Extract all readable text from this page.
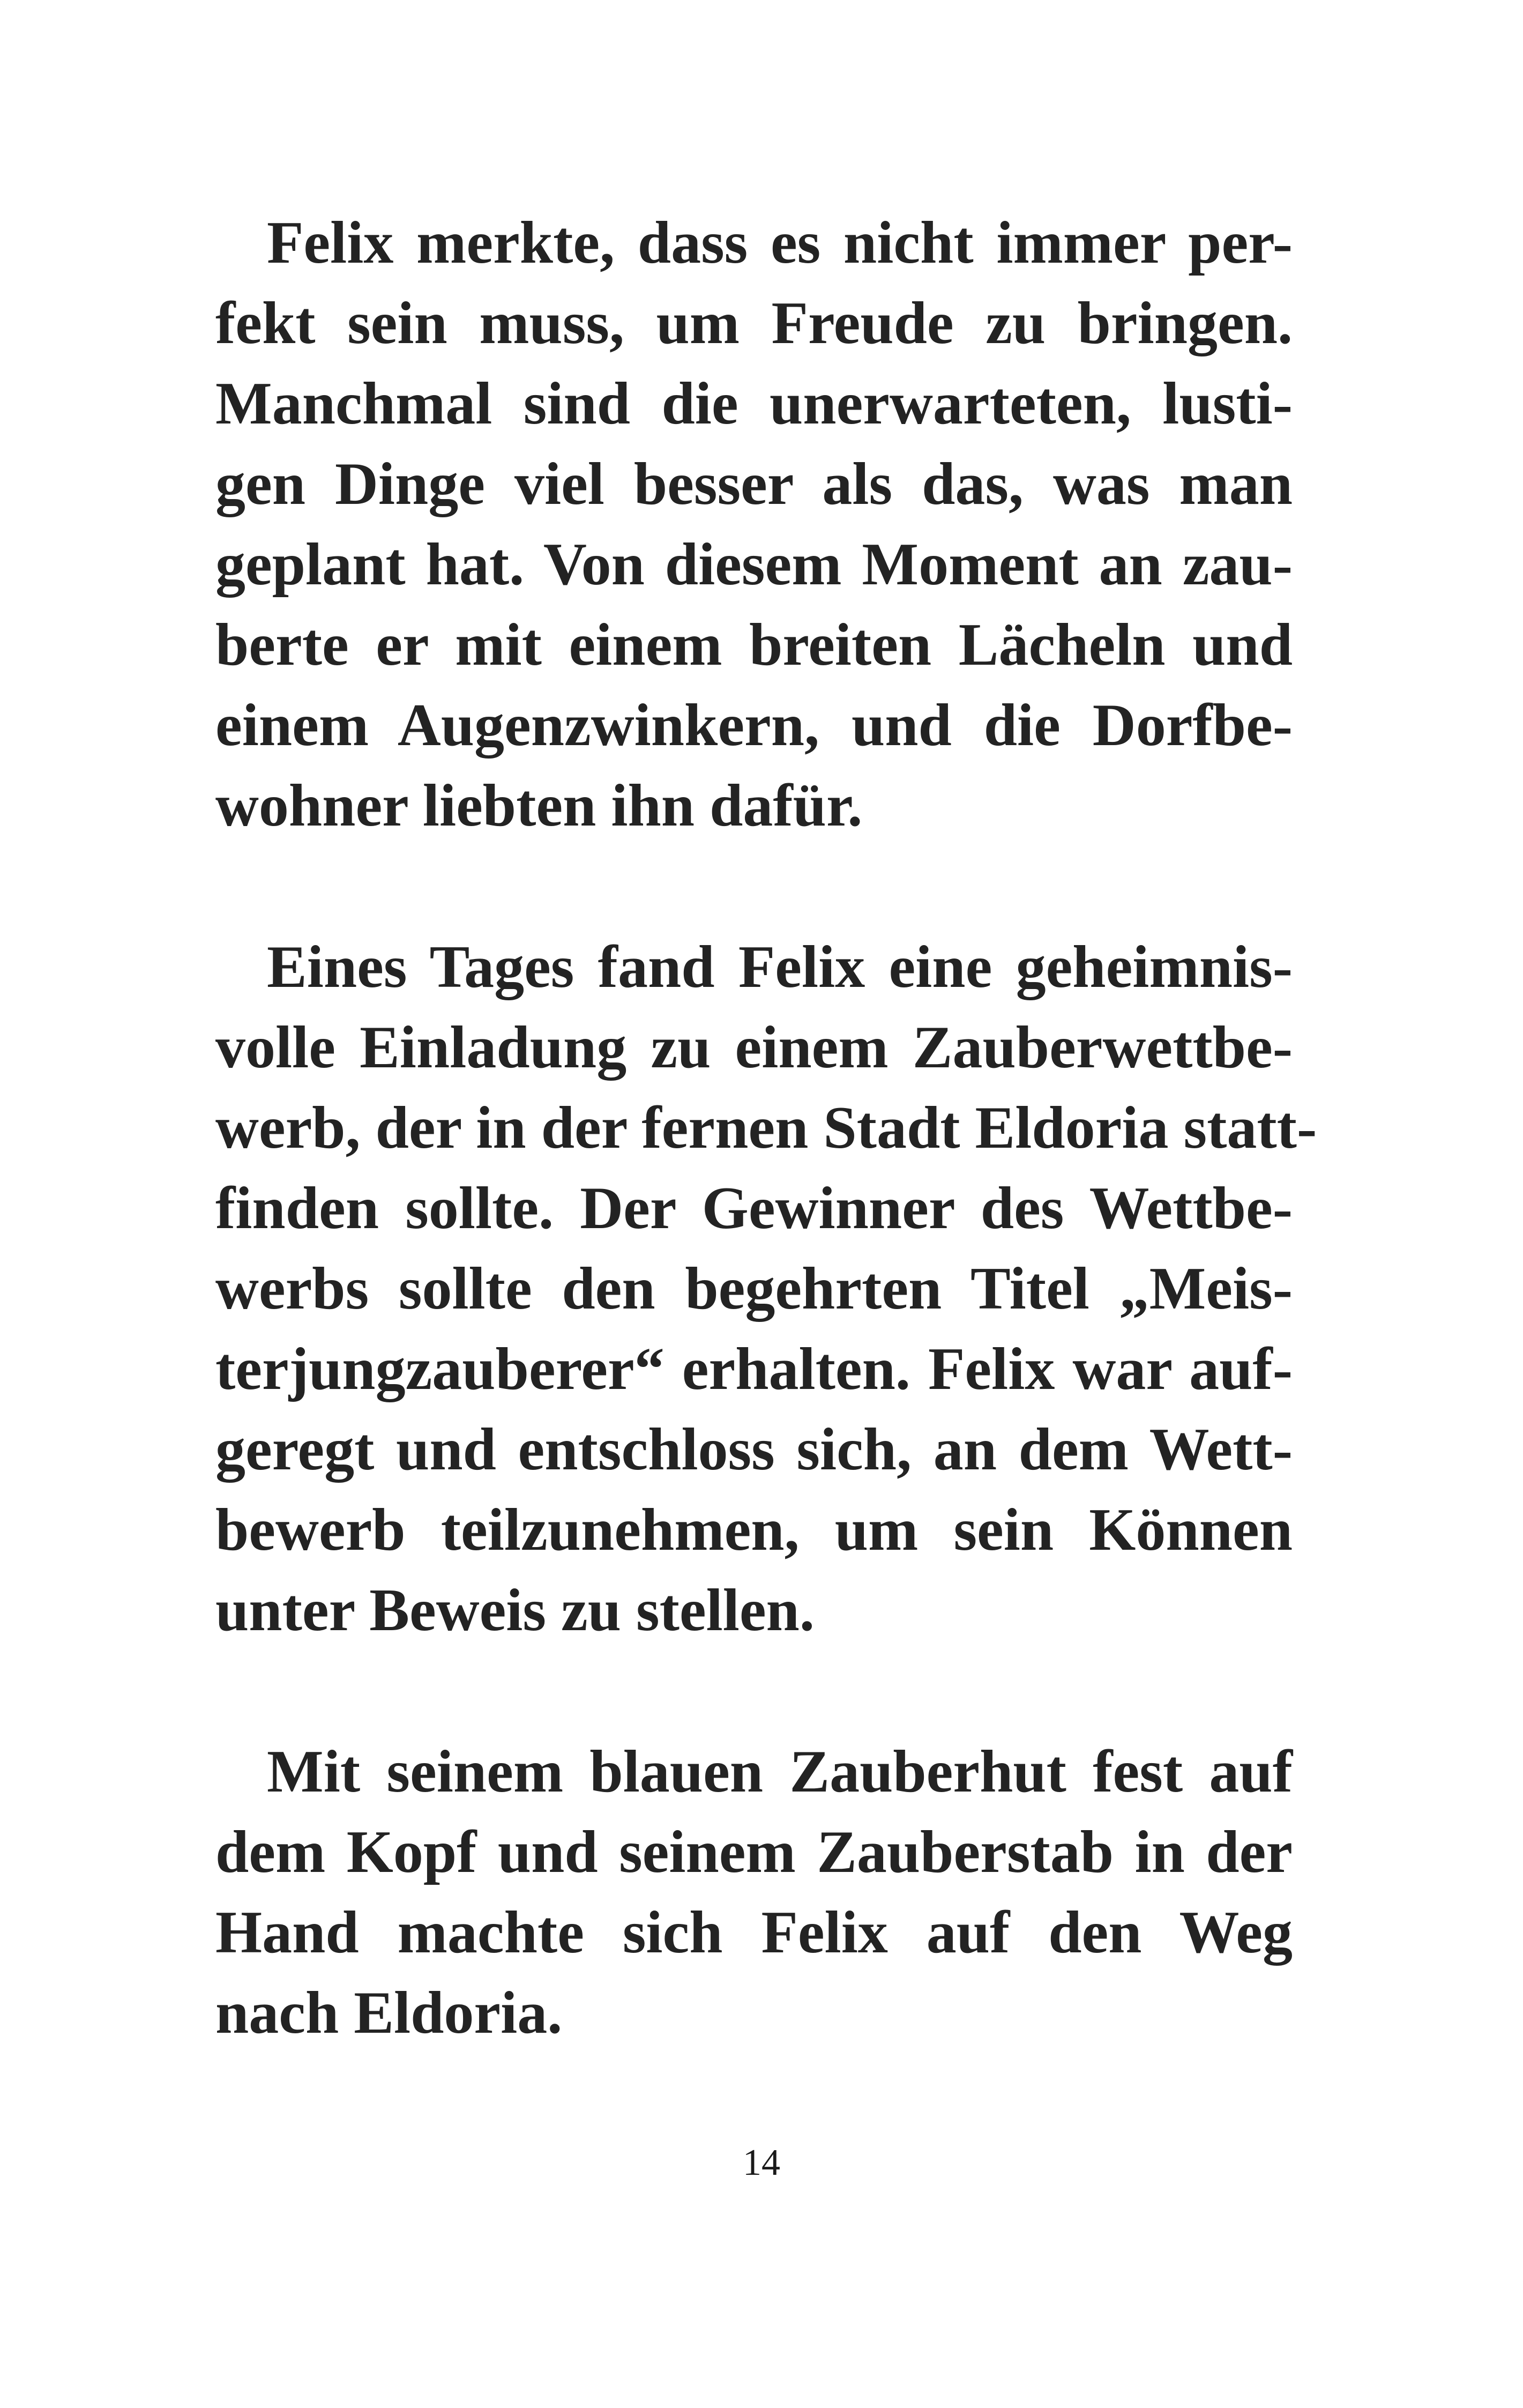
Felix merkte, dass es nicht immer per-
fekt sein muss, um Freude zu bringen.
Manchmal sind die unerwarteten, lusti-
gen Dinge viel besser als das, was man
geplant hat. Von diesem Moment an zau-
berte er mit einem breiten Lächeln und
einem Augenzwinkern, und die Dorfbe-
wohner liebten ihn dafür.
Eines Tages fand Felix eine geheimnis-
volle Einladung zu einem Zauberwettbe-
werb, der in der fernen Stadt Eldoria statt-
finden sollte. Der Gewinner des Wettbe-
werbs sollte den begehrten Titel „Meis-
terjungzauberer“ erhalten. Felix war auf-
geregt und entschloss sich, an dem Wett-
bewerb teilzunehmen, um sein Können
unter Beweis zu stellen.
Mit seinem blauen Zauberhut fest auf
dem Kopf und seinem Zauberstab in der
Hand machte sich Felix auf den Weg
nach Eldoria.
14
